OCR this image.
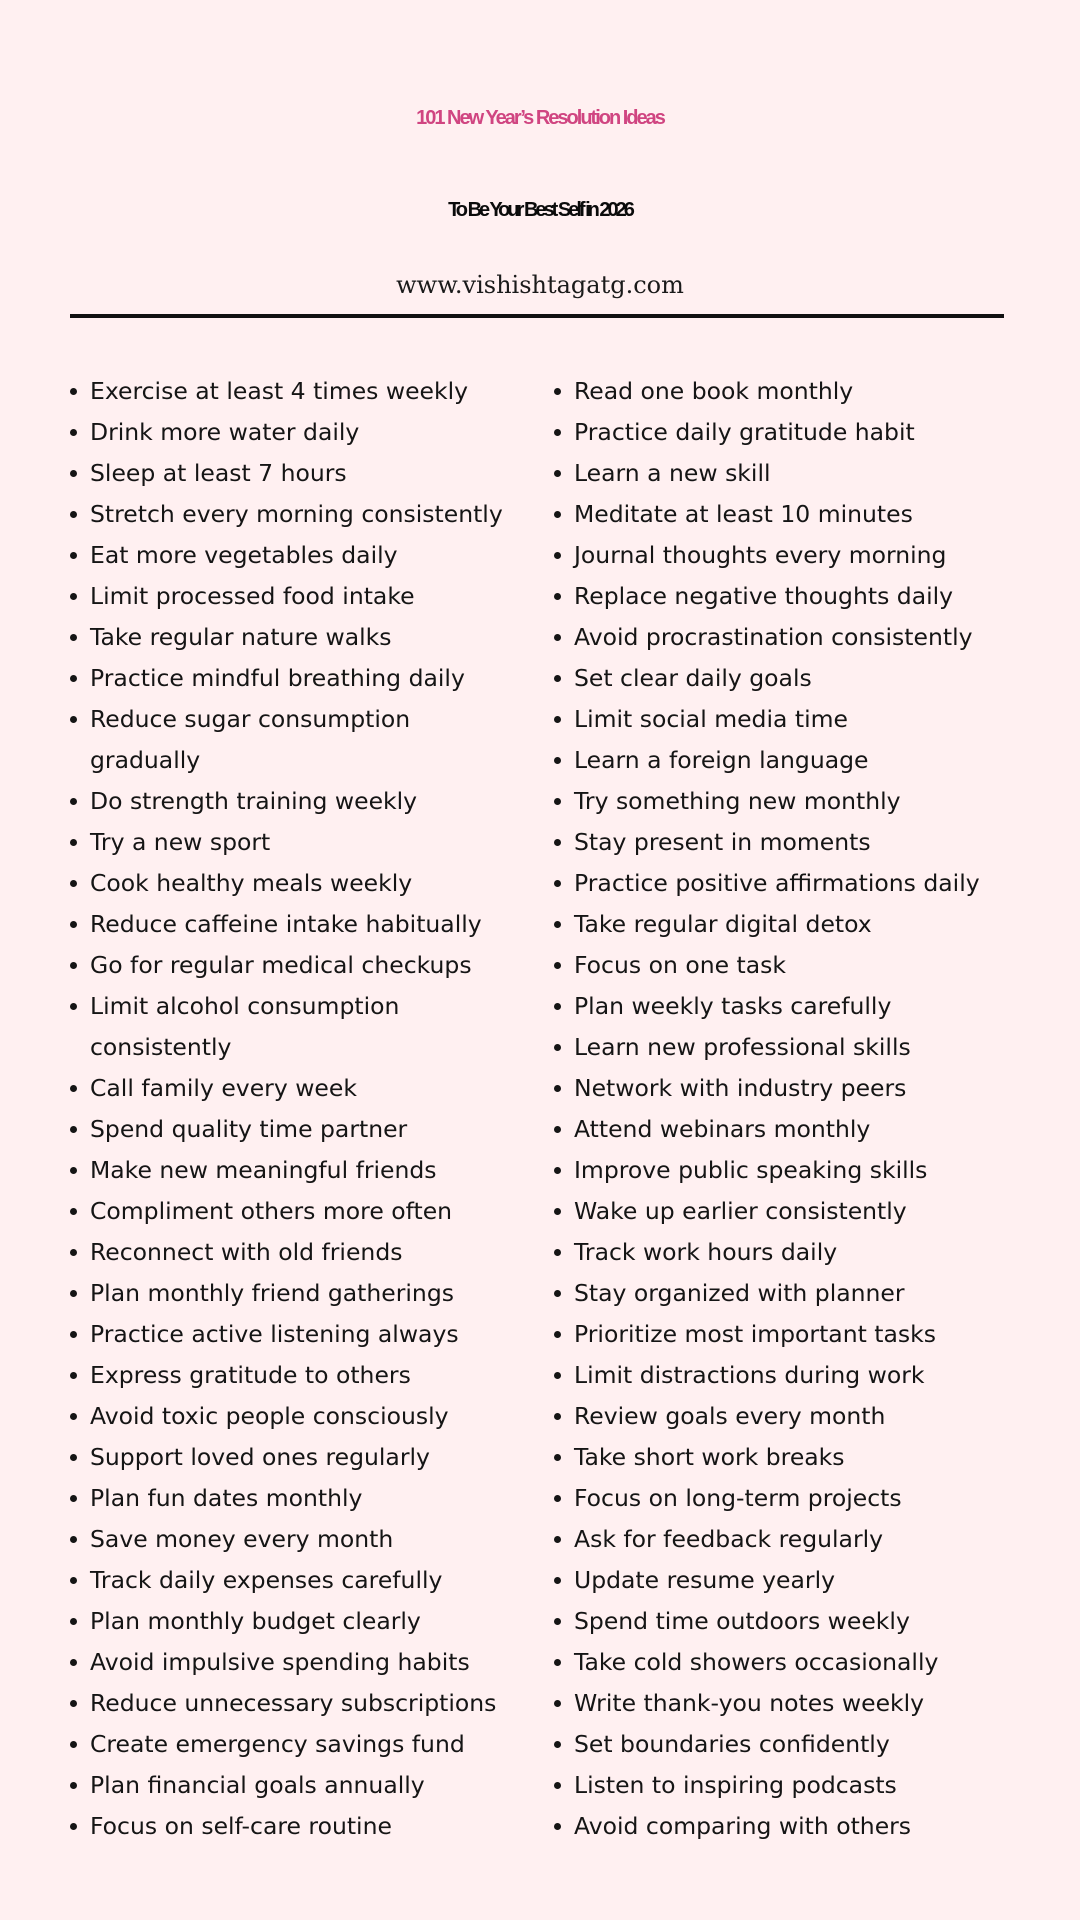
101 New Year’s Resolution Ideas
To Be Your Best Self in 2026
www.vishishtagatg.com
Exercise at least 4 times weekly
Drink more water daily
Sleep at least 7 hours
Stretch every morning consistently
Eat more vegetables daily
Limit processed food intake
Take regular nature walks
Practice mindful breathing daily
Reduce sugar consumption gradually
Do strength training weekly
Try a new sport
Cook healthy meals weekly
Reduce caffeine intake habitually
Go for regular medical checkups
Limit alcohol consumption consistently
Call family every week
Spend quality time partner
Make new meaningful friends
Compliment others more often
Reconnect with old friends
Plan monthly friend gatherings
Practice active listening always
Express gratitude to others
Avoid toxic people consciously
Support loved ones regularly
Plan fun dates monthly
Save money every month
Track daily expenses carefully
Plan monthly budget clearly
Avoid impulsive spending habits
Reduce unnecessary subscriptions
Create emergency savings fund
Plan financial goals annually
Focus on self-care routine
Read one book monthly
Practice daily gratitude habit
Learn a new skill
Meditate at least 10 minutes
Journal thoughts every morning
Replace negative thoughts daily
Avoid procrastination consistently
Set clear daily goals
Limit social media time
Learn a foreign language
Try something new monthly
Stay present in moments
Practice positive affirmations daily
Take regular digital detox
Focus on one task
Plan weekly tasks carefully
Learn new professional skills
Network with industry peers
Attend webinars monthly
Improve public speaking skills
Wake up earlier consistently
Track work hours daily
Stay organized with planner
Prioritize most important tasks
Limit distractions during work
Review goals every month
Take short work breaks
Focus on long-term projects
Ask for feedback regularly
Update resume yearly
Spend time outdoors weekly
Take cold showers occasionally
Write thank-you notes weekly
Set boundaries confidently
Listen to inspiring podcasts
Avoid comparing with others
